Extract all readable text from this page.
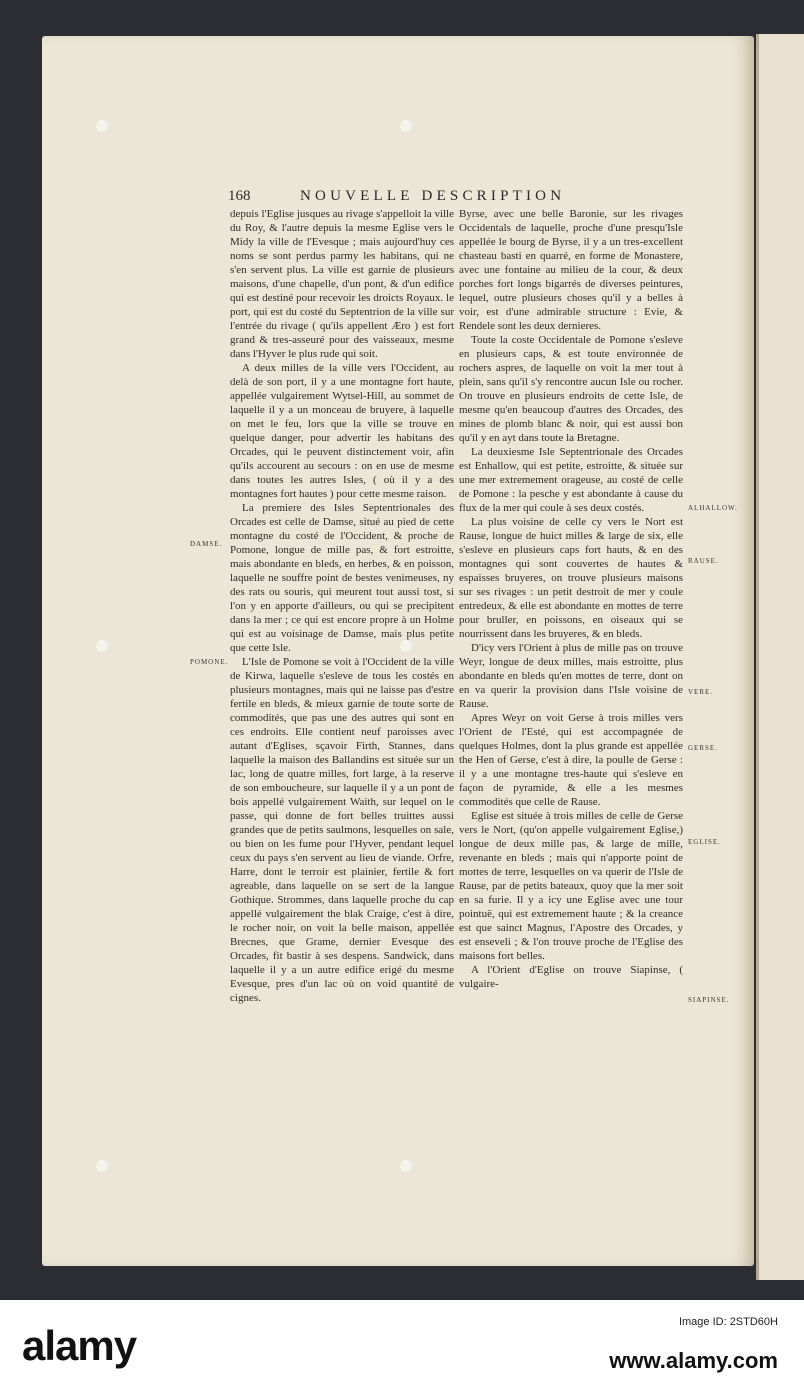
168	NOUVELLE DESCRIPTION

depuis l'Eglise jusques au rivage s'appelloit la ville du Roy, & l'autre depuis la mesme Eglise vers le Midy la ville de l'Evesque ; mais aujourd'huy ces noms se sont perdus parmy les habitans, qui ne s'en servent plus. La ville est garnie de plusieurs maisons, d'une chapelle, d'un pont, & d'un edifice qui est destiné pour recevoir les droicts Royaux. le port, qui est du costé du Septentrion de la ville sur l'entrée du rivage ( qu'ils appellent Æro ) est fort grand & tres-asseuré pour des vaisseaux, mesme dans l'Hyver le plus rude qui soit.

A deux milles de la ville vers l'Occident, au delà de son port, il y a une montagne fort haute, appellée vulgairement Wytsel-Hill, au sommet de laquelle il y a un monceau de bruyere, à laquelle on met le feu, lors que la ville se trouve en quelque danger, pour advertir les habitans des Orcades, qui le peuvent distinctement voir, afin qu'ils accourent au secours : on en use de mesme dans toutes les autres Isles, ( où il y a des montagnes fort hautes ) pour cette mesme raison.

La premiere des Isles Septentrionales des Orcades est celle de Damse, situé au pied de cette montagne du costé de l'Occident, & proche de Pomone, longue de mille pas, & fort estroitte, mais abondante en bleds, en herbes, & en poisson, laquelle ne souffre point de bestes venimeuses, ny des rats ou souris, qui meurent tout aussi tost, si l'on y en apporte d'ailleurs, ou qui se precipitent dans la mer ; ce qui est encore propre à un Holme qui est au voisinage de Damse, mais plus petite que cette Isle.

L'Isle de Pomone se voit à l'Occident de la ville de Kirwa, laquelle s'esleve de tous les costés en plusieurs montagnes, mais qui ne laisse pas d'estre fertile en bleds, & mieux garnie de toute sorte de commodités, que pas une des autres qui sont en ces endroits. Elle contient neuf paroisses avec autant d'Eglises, sçavoir Firth, Stannes, dans laquelle la maison des Ballandins est située sur un lac, long de quatre milles, fort large, à la reserve de son emboucheure, sur laquelle il y a un pont de bois appellé vulgairement Waith, sur lequel on le passe, qui donne de fort belles truittes aussi grandes que de petits saulmons, lesquelles on sale, ou bien on les fume pour l'Hyver, pendant lequel ceux du pays s'en servent au lieu de viande. Orfre, Harre, dont le terroir est plainier, fertile & fort agreable, dans laquelle on se sert de la langue Gothique. Strommes, dans laquelle proche du cap appellé vulgairement the blak Craige, c'est à dire, le rocher noir, on voit la belle maison, appellée Brecnes, que Grame, dernier Evesque des Orcades, fit bastir à ses despens. Sandwick, dans laquelle il y a un autre edifice erigé du mesme Evesque, pres d'un lac où on void quantité de cignes.

Byrse, avec une belle Baronie, sur les rivages Occidentals de laquelle, proche d'une presqu'Isle appellée le bourg de Byrse, il y a un tres-excellent chasteau basti en quarré, en forme de Monastere, avec une fontaine au milieu de la cour, & deux porches fort longs bigarrés de diverses peintures, lequel, outre plusieurs choses qu'il y a belles à voir, est d'une admirable structure : Evie, & Rendele sont les deux dernieres.

Toute la coste Occidentale de Pomone s'esleve en plusieurs caps, & est toute environnée de rochers aspres, de laquelle on voit la mer tout à plein, sans qu'il s'y rencontre aucun Isle ou rocher. On trouve en plusieurs endroits de cette Isle, de mesme qu'en beaucoup d'autres des Orcades, des mines de plomb blanc & noir, qui est aussi bon qu'il y en ayt dans toute la Bretagne.

La deuxiesme Isle Septentrionale des Orcades est Enhallow, qui est petite, estroitte, & située sur une mer extremement orageuse, au costé de celle de Pomone : la pesche y est abondante à cause du flux de la mer qui coule à ses deux costés.

La plus voisine de celle cy vers le Nort est Rause, longue de huict milles & large de six, elle s'esleve en plusieurs caps fort hauts, & en des montagnes qui sont couvertes de hautes & espaisses bruyeres, on trouve plusieurs maisons sur ses rivages : un petit destroit de mer y coule entredeux, & elle est abondante en mottes de terre pour bruller, en poissons, en oiseaux qui se nourrissent dans les bruyeres, & en bleds.

D'icy vers l'Orient à plus de mille pas on trouve Weyr, longue de deux milles, mais estroitte, plus abondante en bleds qu'en mottes de terre, dont on en va querir la provision dans l'Isle voisine de Rause.

Apres Weyr on voit Gerse à trois milles vers l'Orient de l'Esté, qui est accompagnée de quelques Holmes, dont la plus grande est appellée the Hen of Gerse, c'est à dire, la poulle de Gerse : il y a une montagne tres-haute qui s'esleve en façon de pyramide, & elle a les mesmes commodités que celle de Rause.

Eglise est située à trois milles de celle de Gerse vers le Nort, (qu'on appelle vulgairement Eglise,) longue de deux mille pas, & large de mille, revenante en bleds ; mais qui n'apporte point de mottes de terre, lesquelles on va querir de l'Isle de Rause, par de petits bateaux, quoy que la mer soit en sa furie. Il y a icy une Eglise avec une tour pointuë, qui est extremement haute ; & la creance est que sainct Magnus, l'Apostre des Orcades, y est enseveli ; & l'on trouve proche de l'Eglise des maisons fort belles.

A l'Orient d'Eglise on trouve Siapinse, ( vulgaire-

DAMSE.
POMONE.
ALHALLOW.
RAUSE.
VERE.
GERSE.
EGLISE.
SIAPINSE.
alamy	Image ID: 2STD60H
www.alamy.com
